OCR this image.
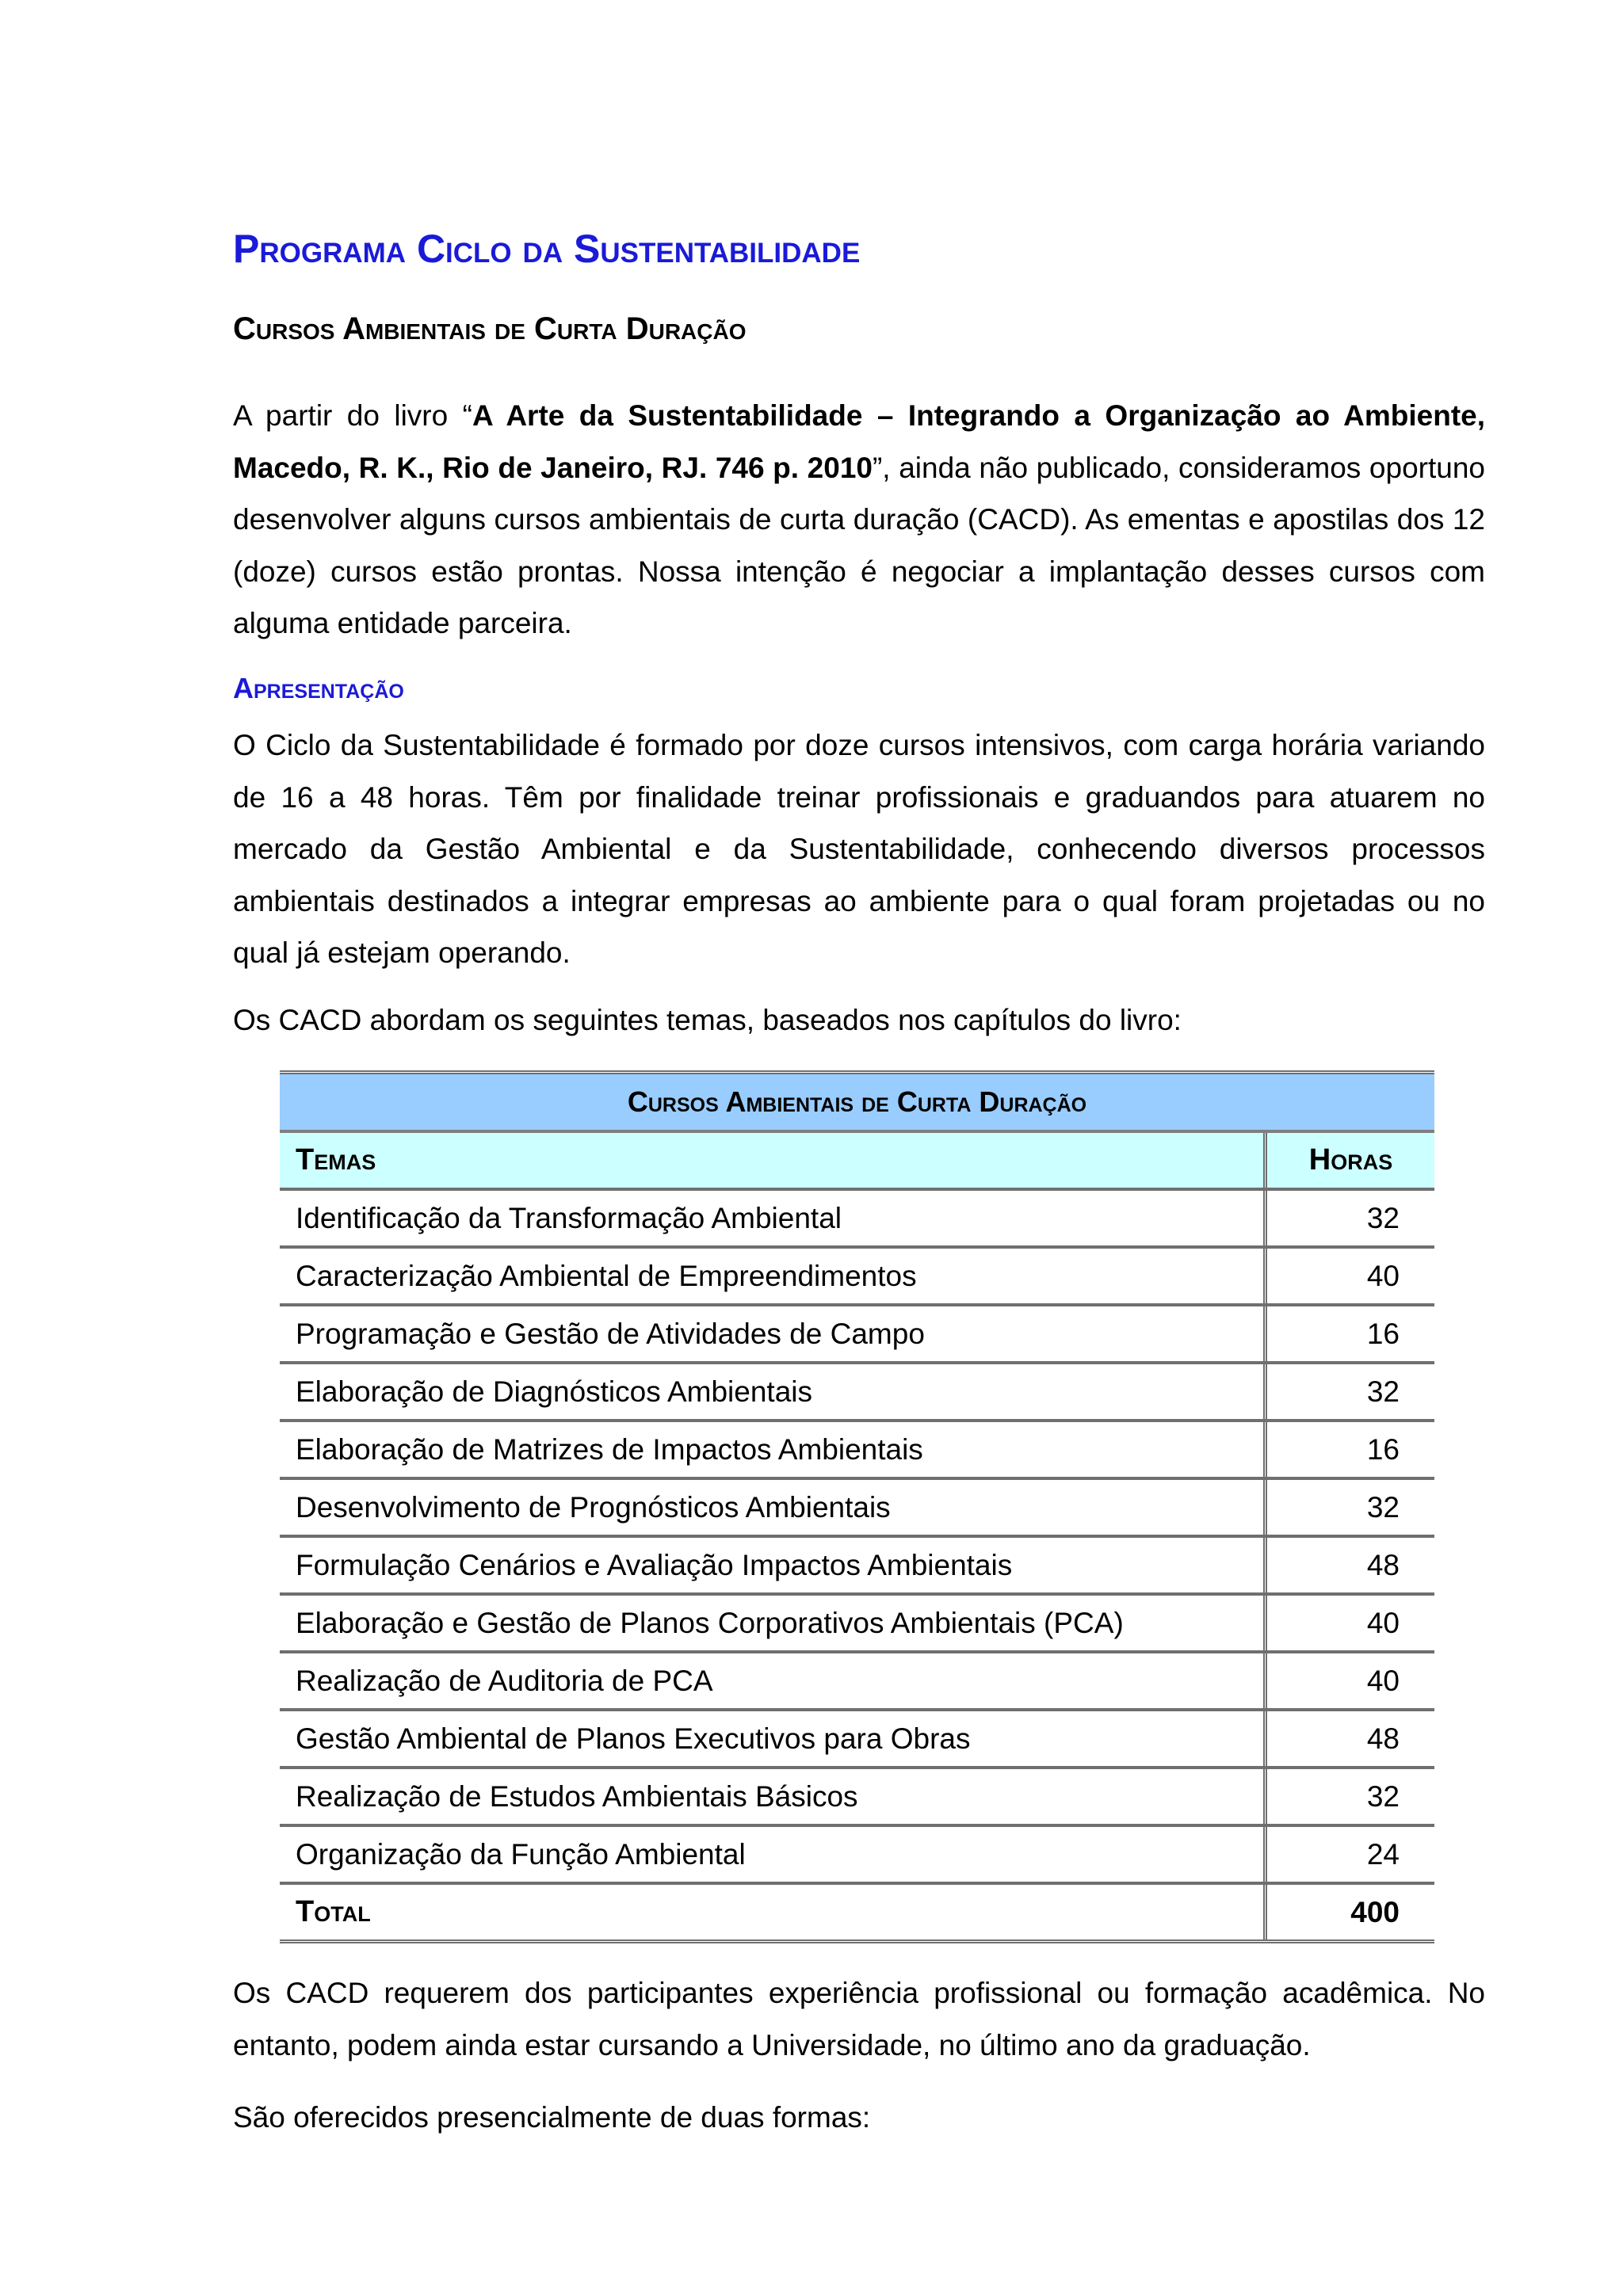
Programa Ciclo da Sustentabilidade
Cursos Ambientais de Curta Duração

A partir do livro “A Arte da Sustentabilidade – Integrando a Organização ao Ambiente, Macedo, R. K., Rio de Janeiro, RJ. 746 p. 2010”, ainda não publicado, consideramos oportuno desenvolver alguns cursos ambientais de curta duração (CACD). As ementas e apostilas dos 12 (doze) cursos estão prontas. Nossa intenção é negociar a implantação desses cursos com alguma entidade parceira.

Apresentação

O Ciclo da Sustentabilidade é formado por doze cursos intensivos, com carga horária variando de 16 a 48 horas. Têm por finalidade treinar profissionais e graduandos para atuarem no mercado da Gestão Ambiental e da Sustentabilidade, conhecendo diversos processos ambientais destinados a integrar empresas ao ambiente para o qual foram projetadas ou no qual já estejam operando.

Os CACD abordam os seguintes temas, baseados nos capítulos do livro:

Cursos Ambientais de Curta Duração
Temas	Horas
Identificação da Transformação Ambiental	32
Caracterização Ambiental de Empreendimentos	40
Programação e Gestão de Atividades de Campo	16
Elaboração de Diagnósticos Ambientais	32
Elaboração de Matrizes de Impactos Ambientais	16
Desenvolvimento de Prognósticos Ambientais	32
Formulação Cenários e Avaliação Impactos Ambientais	48
Elaboração e Gestão de Planos Corporativos Ambientais (PCA)	40
Realização de Auditoria de PCA	40
Gestão Ambiental de Planos Executivos para Obras	48
Realização de Estudos Ambientais Básicos	32
Organização da Função Ambiental	24
Total	400

Os CACD requerem dos participantes experiência profissional ou formação acadêmica. No entanto, podem ainda estar cursando a Universidade, no último ano da graduação.

São oferecidos presencialmente de duas formas:
